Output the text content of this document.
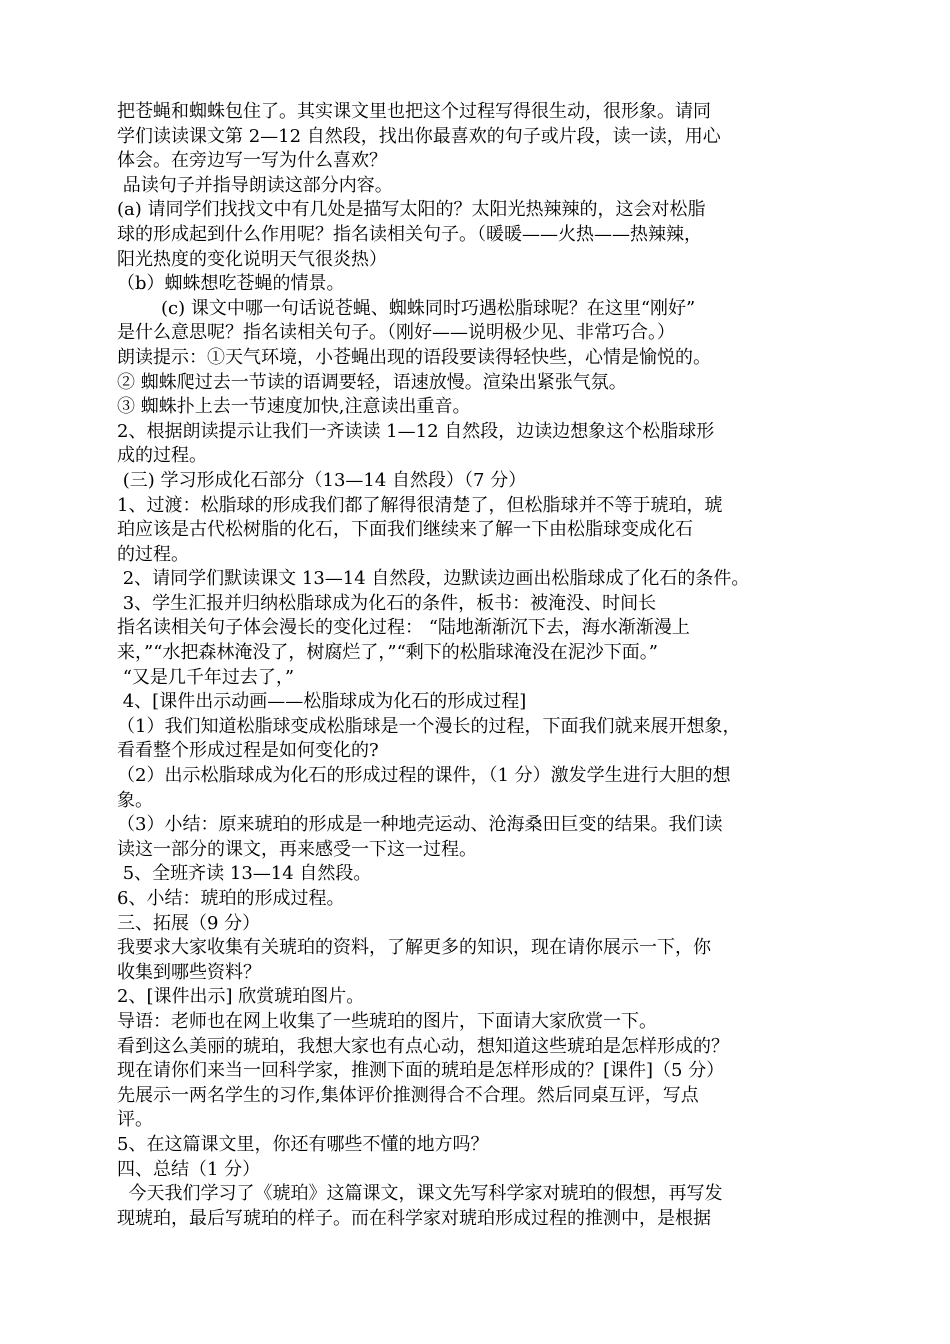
把苍蝇和蜘蛛包住了。其实课文里也把这个过程写得很生动，很形象。请同

学们读读课文第 2—12 自然段，找出你最喜欢的句子或片段，读一读，用心

体会。在旁边写一写为什么喜欢？

品读句子并指导朗读这部分内容。

(a) 请同学们找找文中有几处是描写太阳的？太阳光热辣辣的，这会对松脂

球的形成起到什么作用呢？指名读相关句子。（暖暖——火热——热辣辣，

阳光热度的变化说明天气很炎热）

（b）蜘蛛想吃苍蝇的情景。

(c) 课文中哪一句话说苍蝇、蜘蛛同时巧遇松脂球呢？在这里“刚好”

是什么意思呢？指名读相关句子。（刚好——说明极少见、非常巧合。）

朗读提示：①天气环境，小苍蝇出现的语段要读得轻快些，心情是愉悦的。

② 蜘蛛爬过去一节读的语调要轻，语速放慢。渲染出紧张气氛。

③ 蜘蛛扑上去一节速度加快,注意读出重音。

2、根据朗读提示让我们一齐读读 1—12 自然段，边读边想象这个松脂球形

成的过程。

(三) 学习形成化石部分（13—14 自然段）（7 分）

1、过渡：松脂球的形成我们都了解得很清楚了，但松脂球并不等于琥珀，琥

珀应该是古代松树脂的化石，下面我们继续来了解一下由松脂球变成化石

的过程。

2、请同学们默读课文 13—14 自然段，边默读边画出松脂球成了化石的条件。

3、学生汇报并归纳松脂球成为化石的条件，板书：被淹没、时间长

指名读相关句子体会漫长的变化过程： “陆地渐渐沉下去，海水渐渐漫上

来，”“水把森林淹没了，树腐烂了，”“剩下的松脂球淹没在泥沙下面。”

“又是几千年过去了，”

4、[课件出示动画——松脂球成为化石的形成过程]

（1）我们知道松脂球变成松脂球是一个漫长的过程，下面我们就来展开想象，

看看整个形成过程是如何变化的?

（2）出示松脂球成为化石的形成过程的课件，（1 分）激发学生进行大胆的想

象。

（3）小结：原来琥珀的形成是一种地壳运动、沧海桑田巨变的结果。我们读

读这一部分的课文，再来感受一下这一过程。

5、全班齐读 13—14 自然段。

6、小结：琥珀的形成过程。

三、拓展（9 分）

我要求大家收集有关琥珀的资料，了解更多的知识，现在请你展示一下，你

收集到哪些资料？

2、[课件出示] 欣赏琥珀图片。

导语：老师也在网上收集了一些琥珀的图片，下面请大家欣赏一下。

看到这么美丽的琥珀，我想大家也有点心动，想知道这些琥珀是怎样形成的？

现在请你们来当一回科学家，推测下面的琥珀是怎样形成的？[课件]（5 分）

先展示一两名学生的习作,集体评价推测得合不合理。然后同桌互评，写点

评。

5、在这篇课文里，你还有哪些不懂的地方吗？

四、总结（1 分）

今天我们学习了《琥珀》这篇课文，课文先写科学家对琥珀的假想，再写发

现琥珀，最后写琥珀的样子。而在科学家对琥珀形成过程的推测中，是根据
